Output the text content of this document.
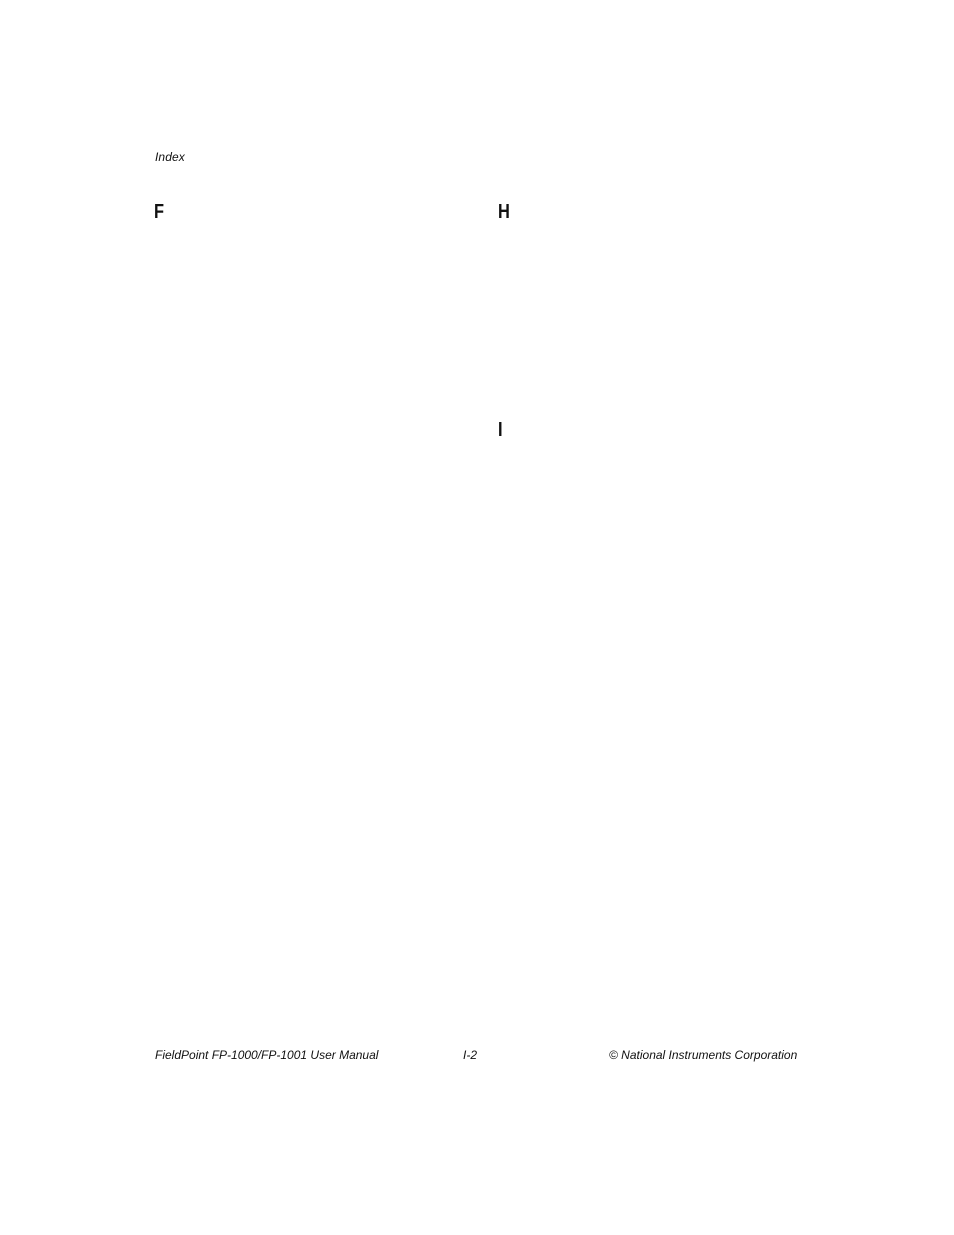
Index
F	H
I
FieldPoint FP-1000/FP-1001 User Manual	I-2	© National Instruments Corporation
